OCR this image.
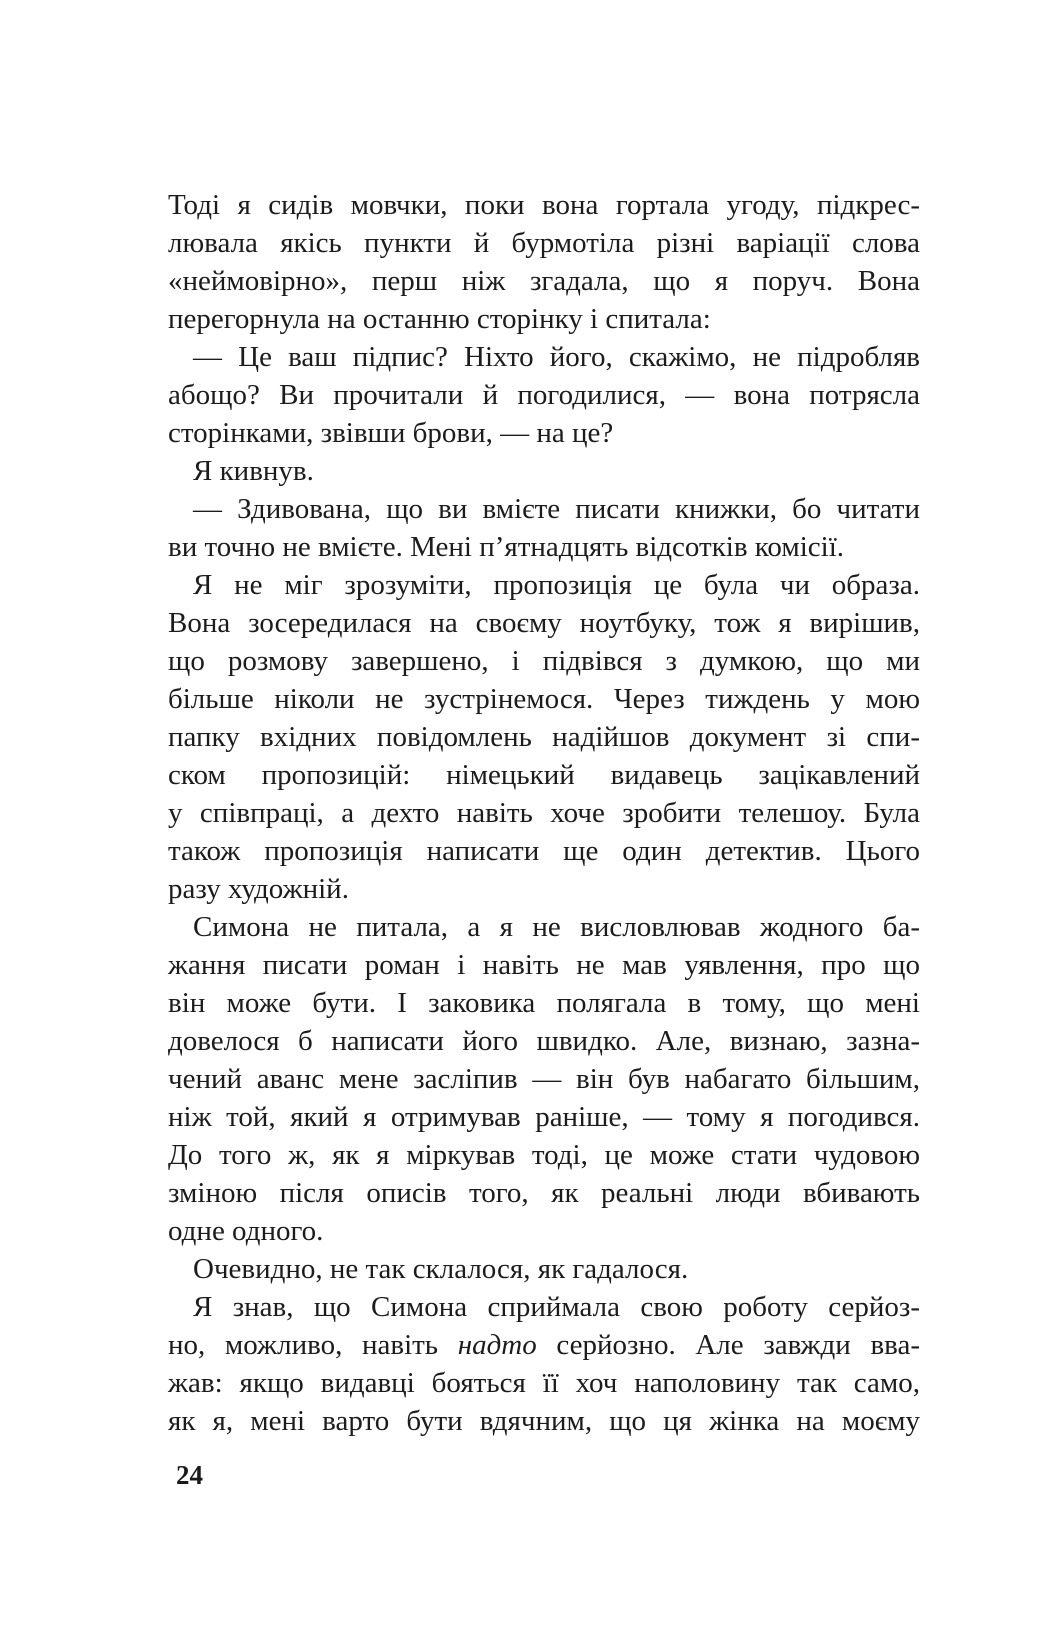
Тоді я сидів мовчки, поки вона гортала угоду, підкрес-
лювала якісь пункти й бурмотіла різні варіації слова
«неймовірно», перш ніж згадала, що я поруч. Вона
перегорнула на останню сторінку і спитала:
— Це ваш підпис? Ніхто його, скажімо, не підробляв
абощо? Ви прочитали й погодилися, — вона потрясла
сторінками, звівши брови, — на це?
Я кивнув.
— Здивована, що ви вмієте писати книжки, бо читати
ви точно не вмієте. Мені п’ятнадцять відсотків комісії.
Я не міг зрозуміти, пропозиція це була чи образа.
Вона зосередилася на своєму ноутбуку, тож я вирішив,
що розмову завершено, і підвівся з думкою, що ми
більше ніколи не зустрінемося. Через тиждень у мою
папку вхідних повідомлень надійшов документ зі спи-
ском пропозицій: німецький видавець зацікавлений
у співпраці, а дехто навіть хоче зробити телешоу. Була
також пропозиція написати ще один детектив. Цього
разу художній.
Симона не питала, а я не висловлював жодного ба-
жання писати роман і навіть не мав уявлення, про що
він може бути. І заковика полягала в тому, що мені
довелося б написати його швидко. Але, визнаю, зазна-
чений аванс мене засліпив — він був набагато більшим,
ніж той, який я отримував раніше, — тому я погодився.
До того ж, як я міркував тоді, це може стати чудовою
зміною після описів того, як реальні люди вбивають
одне одного.
Очевидно, не так склалося, як гадалося.
Я знав, що Симона сприймала свою роботу серйоз-
но, можливо, навіть надто серйозно. Але завжди вва-
жав: якщо видавці бояться її хоч наполовину так само,
як я, мені варто бути вдячним, що ця жінка на моєму
24
